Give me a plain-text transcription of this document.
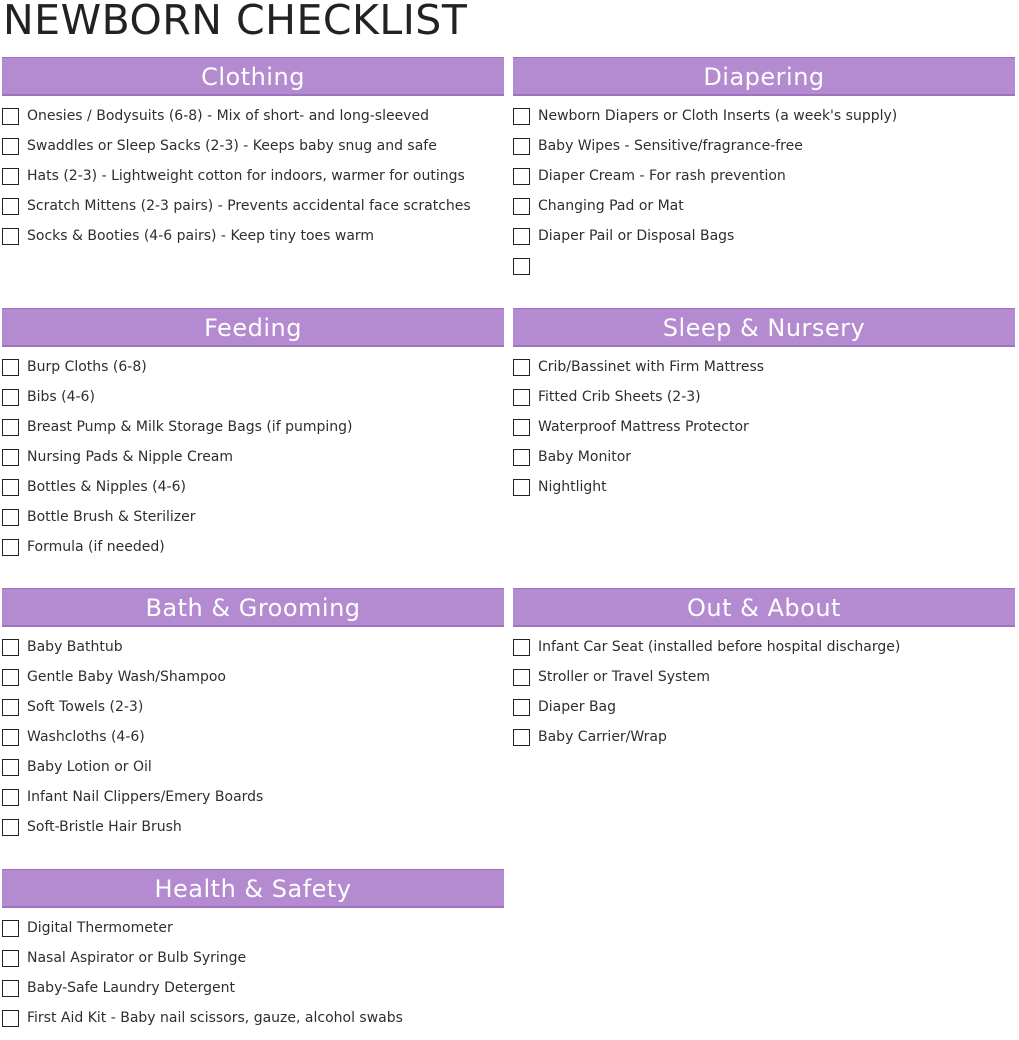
NEWBORN CHECKLIST
Clothing
Onesies / Bodysuits (6-8) - Mix of short- and long-sleeved
Swaddles or Sleep Sacks (2-3) - Keeps baby snug and safe
Hats (2-3) - Lightweight cotton for indoors, warmer for outings
Scratch Mittens (2-3 pairs) - Prevents accidental face scratches
Socks & Booties (4-6 pairs) - Keep tiny toes warm
Diapering
Newborn Diapers or Cloth Inserts (a week's supply)
Baby Wipes - Sensitive/fragrance-free
Diaper Cream - For rash prevention
Changing Pad or Mat
Diaper Pail or Disposal Bags
Feeding
Burp Cloths (6-8)
Bibs (4-6)
Breast Pump & Milk Storage Bags (if pumping)
Nursing Pads & Nipple Cream
Bottles & Nipples (4-6)
Bottle Brush & Sterilizer
Formula (if needed)
Sleep & Nursery
Crib/Bassinet with Firm Mattress
Fitted Crib Sheets (2-3)
Waterproof Mattress Protector
Baby Monitor
Nightlight
Bath & Grooming
Baby Bathtub
Gentle Baby Wash/Shampoo
Soft Towels (2-3)
Washcloths (4-6)
Baby Lotion or Oil
Infant Nail Clippers/Emery Boards
Soft-Bristle Hair Brush
Out & About
Infant Car Seat (installed before hospital discharge)
Stroller or Travel System
Diaper Bag
Baby Carrier/Wrap
Health & Safety
Digital Thermometer
Nasal Aspirator or Bulb Syringe
Baby-Safe Laundry Detergent
First Aid Kit - Baby nail scissors, gauze, alcohol swabs
